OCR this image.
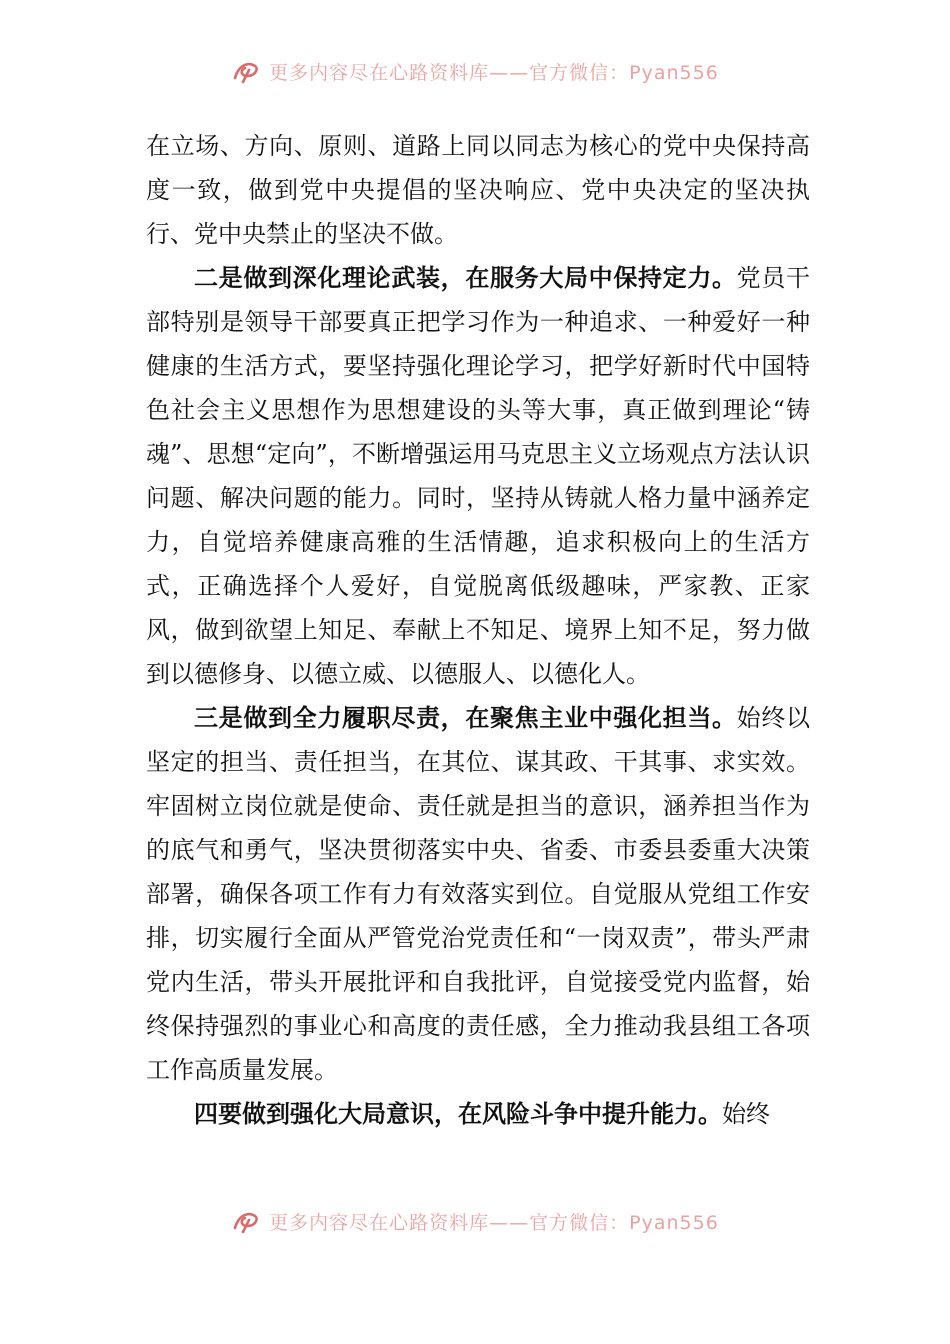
更多内容尽在心路资料库——官方微信：Pyan556

在立场、方向、原则、道路上同以同志为核心的党中央保持高度一致，做到党中央提倡的坚决响应、党中央决定的坚决执行、党中央禁止的坚决不做。

二是做到深化理论武装，在服务大局中保持定力。党员干部特别是领导干部要真正把学习作为一种追求、一种爱好一种健康的生活方式，要坚持强化理论学习，把学好新时代中国特色社会主义思想作为思想建设的头等大事，真正做到理论“铸魂”、思想“定向”，不断增强运用马克思主义立场观点方法认识问题、解决问题的能力。同时，坚持从铸就人格力量中涵养定力，自觉培养健康高雅的生活情趣，追求积极向上的生活方式，正确选择个人爱好，自觉脱离低级趣味，严家教、正家风，做到欲望上知足、奉献上不知足、境界上知不足，努力做到以德修身、以德立威、以德服人、以德化人。

三是做到全力履职尽责，在聚焦主业中强化担当。始终以坚定的担当、责任担当，在其位、谋其政、干其事、求实效。牢固树立岗位就是使命、责任就是担当的意识，涵养担当作为的底气和勇气，坚决贯彻落实中央、省委、市委县委重大决策部署，确保各项工作有力有效落实到位。自觉服从党组工作安排，切实履行全面从严管党治党责任和“一岗双责”，带头严肃党内生活，带头开展批评和自我批评，自觉接受党内监督，始终保持强烈的事业心和高度的责任感，全力推动我县组工各项工作高质量发展。

四要做到强化大局意识，在风险斗争中提升能力。始终

更多内容尽在心路资料库——官方微信：Pyan556
